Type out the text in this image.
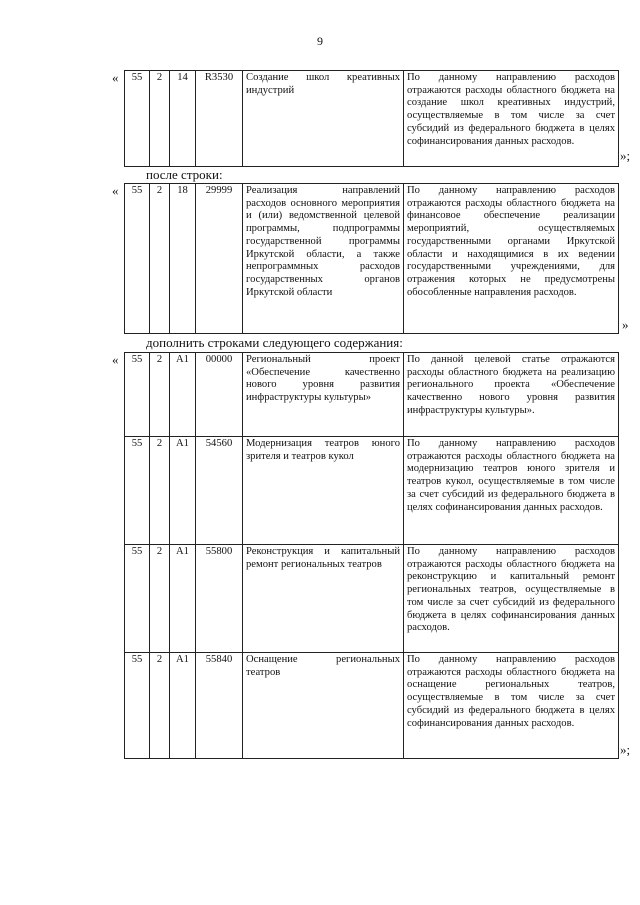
9
« 55	2	14	R3530	Создание школ креативных индустрий	По данному направлению расходов отражаются расходы областного бюджета на создание школ креативных индустрий, осуществляемые в том числе за счет субсидий из федерального бюджета в целях софинансирования данных расходов.
»;
после строки:
« 55	2	18	29999	Реализация направлений расходов основного мероприятия и (или) ведомственной целевой программы, подпрограммы государственной программы Иркутской области, а также непрограммных расходов государственных органов Иркутской области	По данному направлению расходов отражаются расходы областного бюджета на финансовое обеспечение реализации мероприятий, осуществляемых государственными органами Иркутской области и находящимися в их ведении государственными учреждениями, для отражения которых не предусмотрены обособленные направления расходов.
»
дополнить строками следующего содержания:
« 55	2	A1	00000	Региональный проект «Обеспечение качественно нового уровня развития инфраструктуры культуры»	По данной целевой статье отражаются расходы областного бюджета на реализацию регионального проекта «Обеспечение качественно нового уровня развития инфраструктуры культуры».
55	2	A1	54560	Модернизация театров юного зрителя и театров кукол	По данному направлению расходов отражаются расходы областного бюджета на модернизацию театров юного зрителя и театров кукол, осуществляемые в том числе за счет субсидий из федерального бюджета в целях софинансирования данных расходов.
55	2	A1	55800	Реконструкция и капитальный ремонт региональных театров	По данному направлению расходов отражаются расходы областного бюджета на реконструкцию и капитальный ремонт региональных театров, осуществляемые в том числе за счет субсидий из федерального бюджета в целях софинансирования данных расходов.
55	2	A1	55840	Оснащение региональных театров	По данному направлению расходов отражаются расходы областного бюджета на оснащение региональных театров, осуществляемые в том числе за счет субсидий из федерального бюджета в целях софинансирования данных расходов.
»;
